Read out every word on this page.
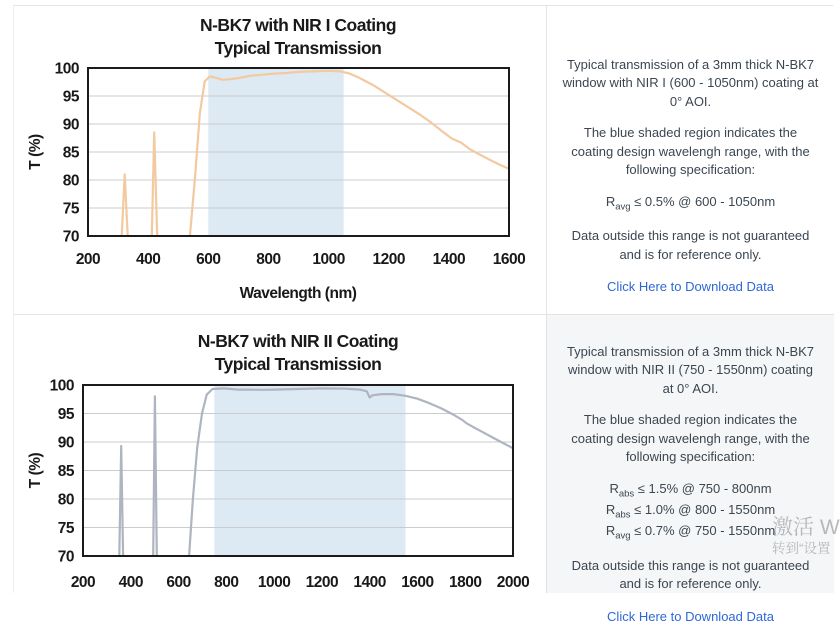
N-BK7 with NIR I Coating
Typical Transmission
70
75
80
85
90
95
100
200 400 600 800 1000 1200 1400 1600
T (%)
Wavelength (nm)

Typical transmission of a 3mm thick N-BK7 window with NIR I (600 - 1050nm) coating at 0° AOI.

The blue shaded region indicates the coating design wavelengh range, with the following specification:

$R_{avg} \le 0.5\%$ @ 600 - 1050nm

Data outside this range is not guaranteed and is for reference only.

Click Here to Download Data
N-BK7 with NIR II Coating
Typical Transmission
70
75
80
85
90
95
100
200 400 600 800 1000 1200 1400 1600 1800 2000
T (%)

Typical transmission of a 3mm thick N-BK7 window with NIR II (750 - 1550nm) coating at 0° AOI.

The blue shaded region indicates the coating design wavelengh range, with the following specification:

$R_{abs} \le 1.5\%$ @ 750 - 800nm
$R_{abs} \le 1.0\%$ @ 800 - 1550nm
$R_{avg} \le 0.7\%$ @ 750 - 1550nm

Data outside this range is not guaranteed and is for reference only.

Click Here to Download Data
激活 W
转到“设置
